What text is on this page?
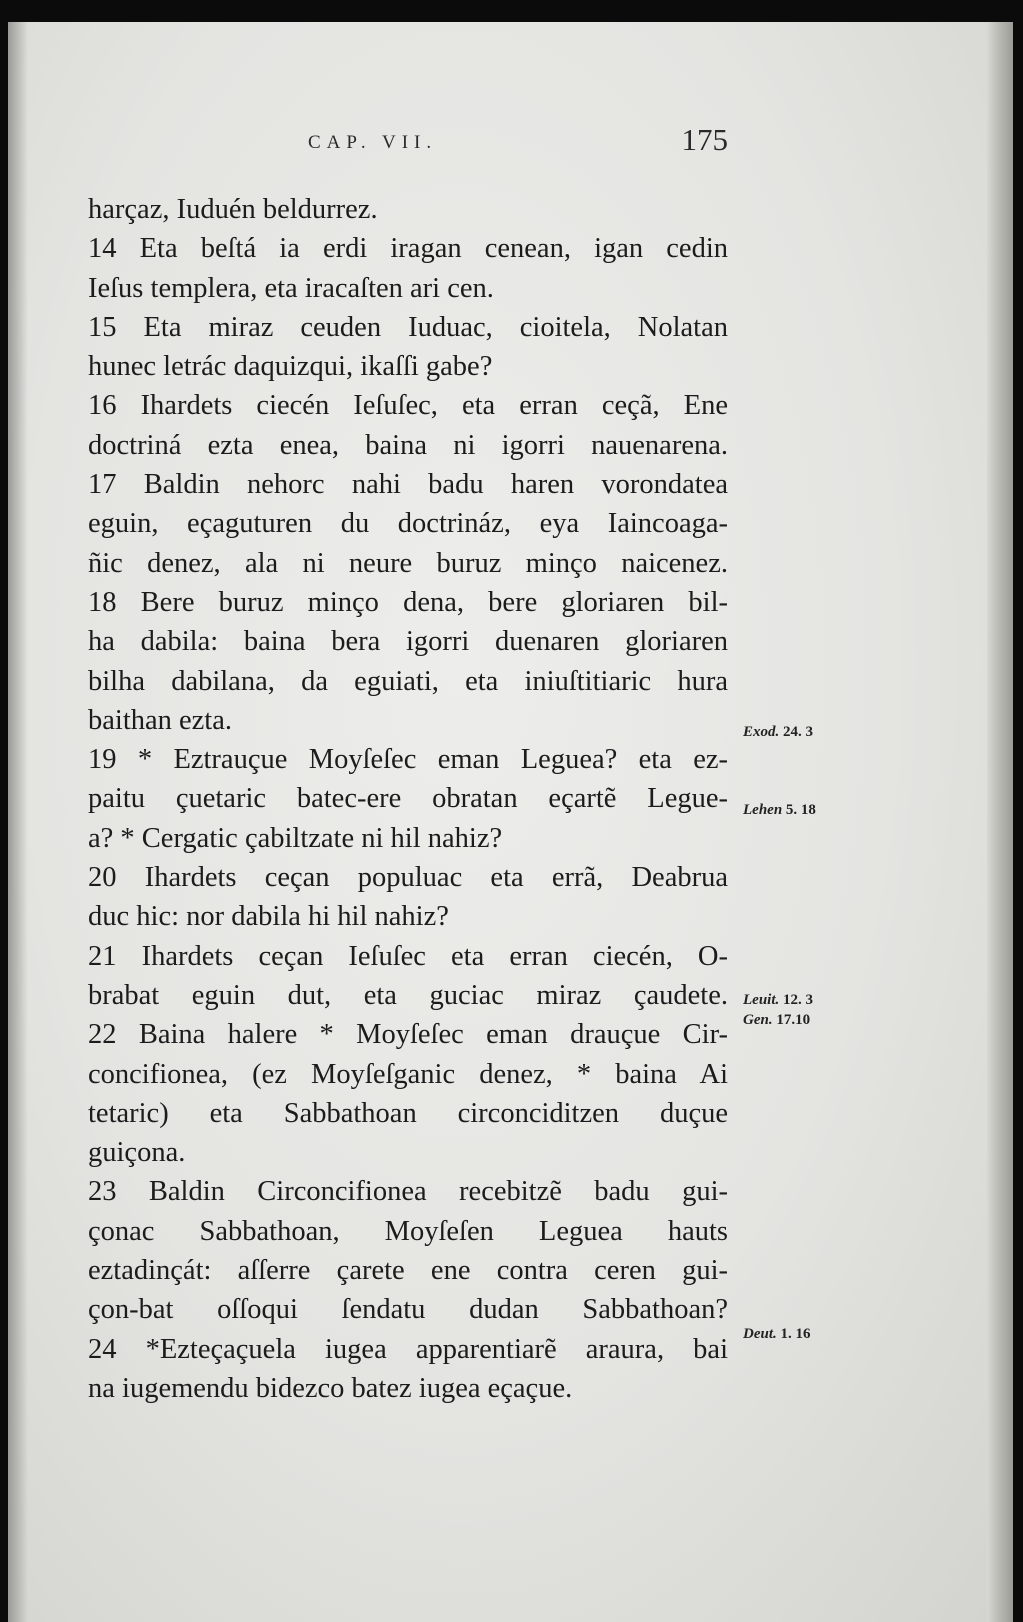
CAP. VII.	175
harçaz, Iuduén beldurrez.
14 Eta beſtá ia erdi iragan cenean, igan cedin
Ieſus templera, eta iracaſten ari cen.
15 Eta miraz ceuden Iuduac, cioitela, Nolatan
hunec letrác daquizqui, ikaſſi gabe?
16 Ihardets ciecén Ieſuſec, eta erran ceçã, Ene
doctriná ezta enea, baina ni igorri nauenarena.
17 Baldin nehorc nahi badu haren vorondatea
eguin, eçaguturen du doctrináz, eya Iaincoaga-
ñic denez, ala ni neure buruz minço naicenez.
18 Bere buruz minço dena, bere gloriaren bil-
ha dabila: baina bera igorri duenaren gloriaren
bilha dabilana, da eguiati, eta iniuſtitiaric hura
baithan ezta.
19 * Eztrauçue Moyſeſec eman Leguea? eta ez-
paitu çuetaric batec-ere obratan eçartẽ Legue-
a? * Cergatic çabiltzate ni hil nahiz?
20 Ihardets ceçan populuac eta errã, Deabrua
duc hic: nor dabila hi hil nahiz?
21 Ihardets ceçan Ieſuſec eta erran ciecén, O-
brabat eguin dut, eta guciac miraz çaudete.
22 Baina halere * Moyſeſec eman drauçue Cir-
concifionea, (ez Moyſeſganic denez, * baina Ai
tetaric) eta Sabbathoan circonciditzen duçue
guiçona.
23 Baldin Circoncifionea recebitzẽ badu gui-
çonac Sabbathoan, Moyſeſen Leguea hauts
eztadinçát: aſſerre çarete ene contra ceren gui-
çon-bat oſſoqui ſendatu dudan Sabbathoan?
24 *Ezteçaçuela iugea apparentiarẽ araura, bai
na iugemendu bidezco batez iugea eçaçue.
Exod. 24. 3
Lehen 5. 18
Leuit. 12. 3
Gen. 17.10
Deut. 1. 16
